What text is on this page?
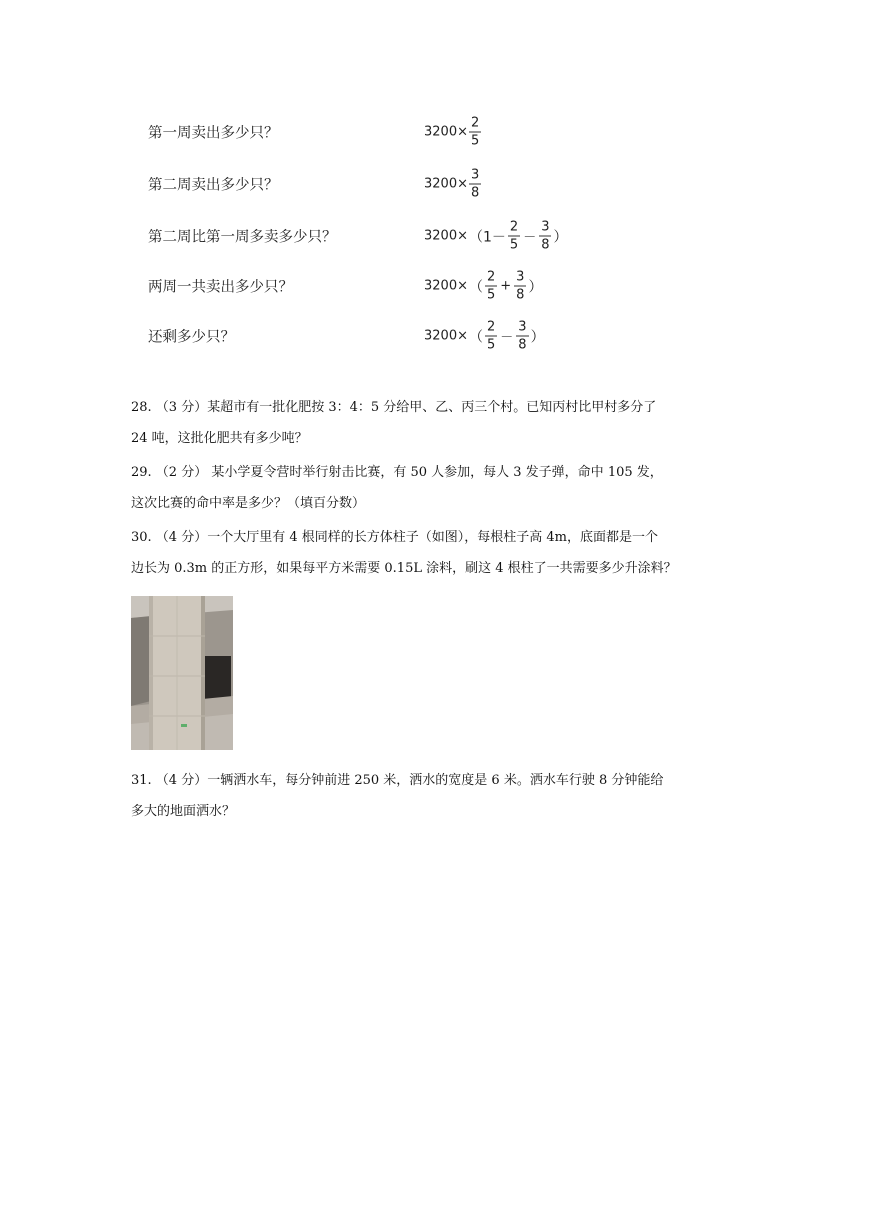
第一周卖出多少只？	$3200\times \frac{2}{5}$
第二周卖出多少只？	$3200\times \frac{3}{8}$
第二周比第一周多卖多少只？	$3200\times (1- \frac{2}{5} - \frac{3}{8}$ ）
两周一共卖出多少只？	3200× （ $\frac{2}{5} + \frac{3}{8}$ ）
还剩多少只？	3200× （ $\frac{2}{5} - \frac{3}{8}$ ）
28. （3 分）某超市有一批化肥按 3：4：5 分给甲、乙、丙三个村。已知丙村比甲村多分了
24 吨，这批化肥共有多少吨？
29. （2 分） 某小学夏令营时举行射击比赛，有 50 人参加，每人 3 发子弹，命中 105 发，
这次比赛的命中率是多少？（填百分数）
30. （4 分）一个大厅里有 4 根同样的长方体柱子（如图），每根柱子高 4m，底面都是一个
边长为 0.3m 的正方形，如果每平方米需要 0.15L 涂料，刷这 4 根柱了一共需要多少升涂料？
31. （4 分）一辆洒水车，每分钟前进 250 米，洒水的宽度是 6 米。洒水车行驶 8 分钟能给
多大的地面洒水？
